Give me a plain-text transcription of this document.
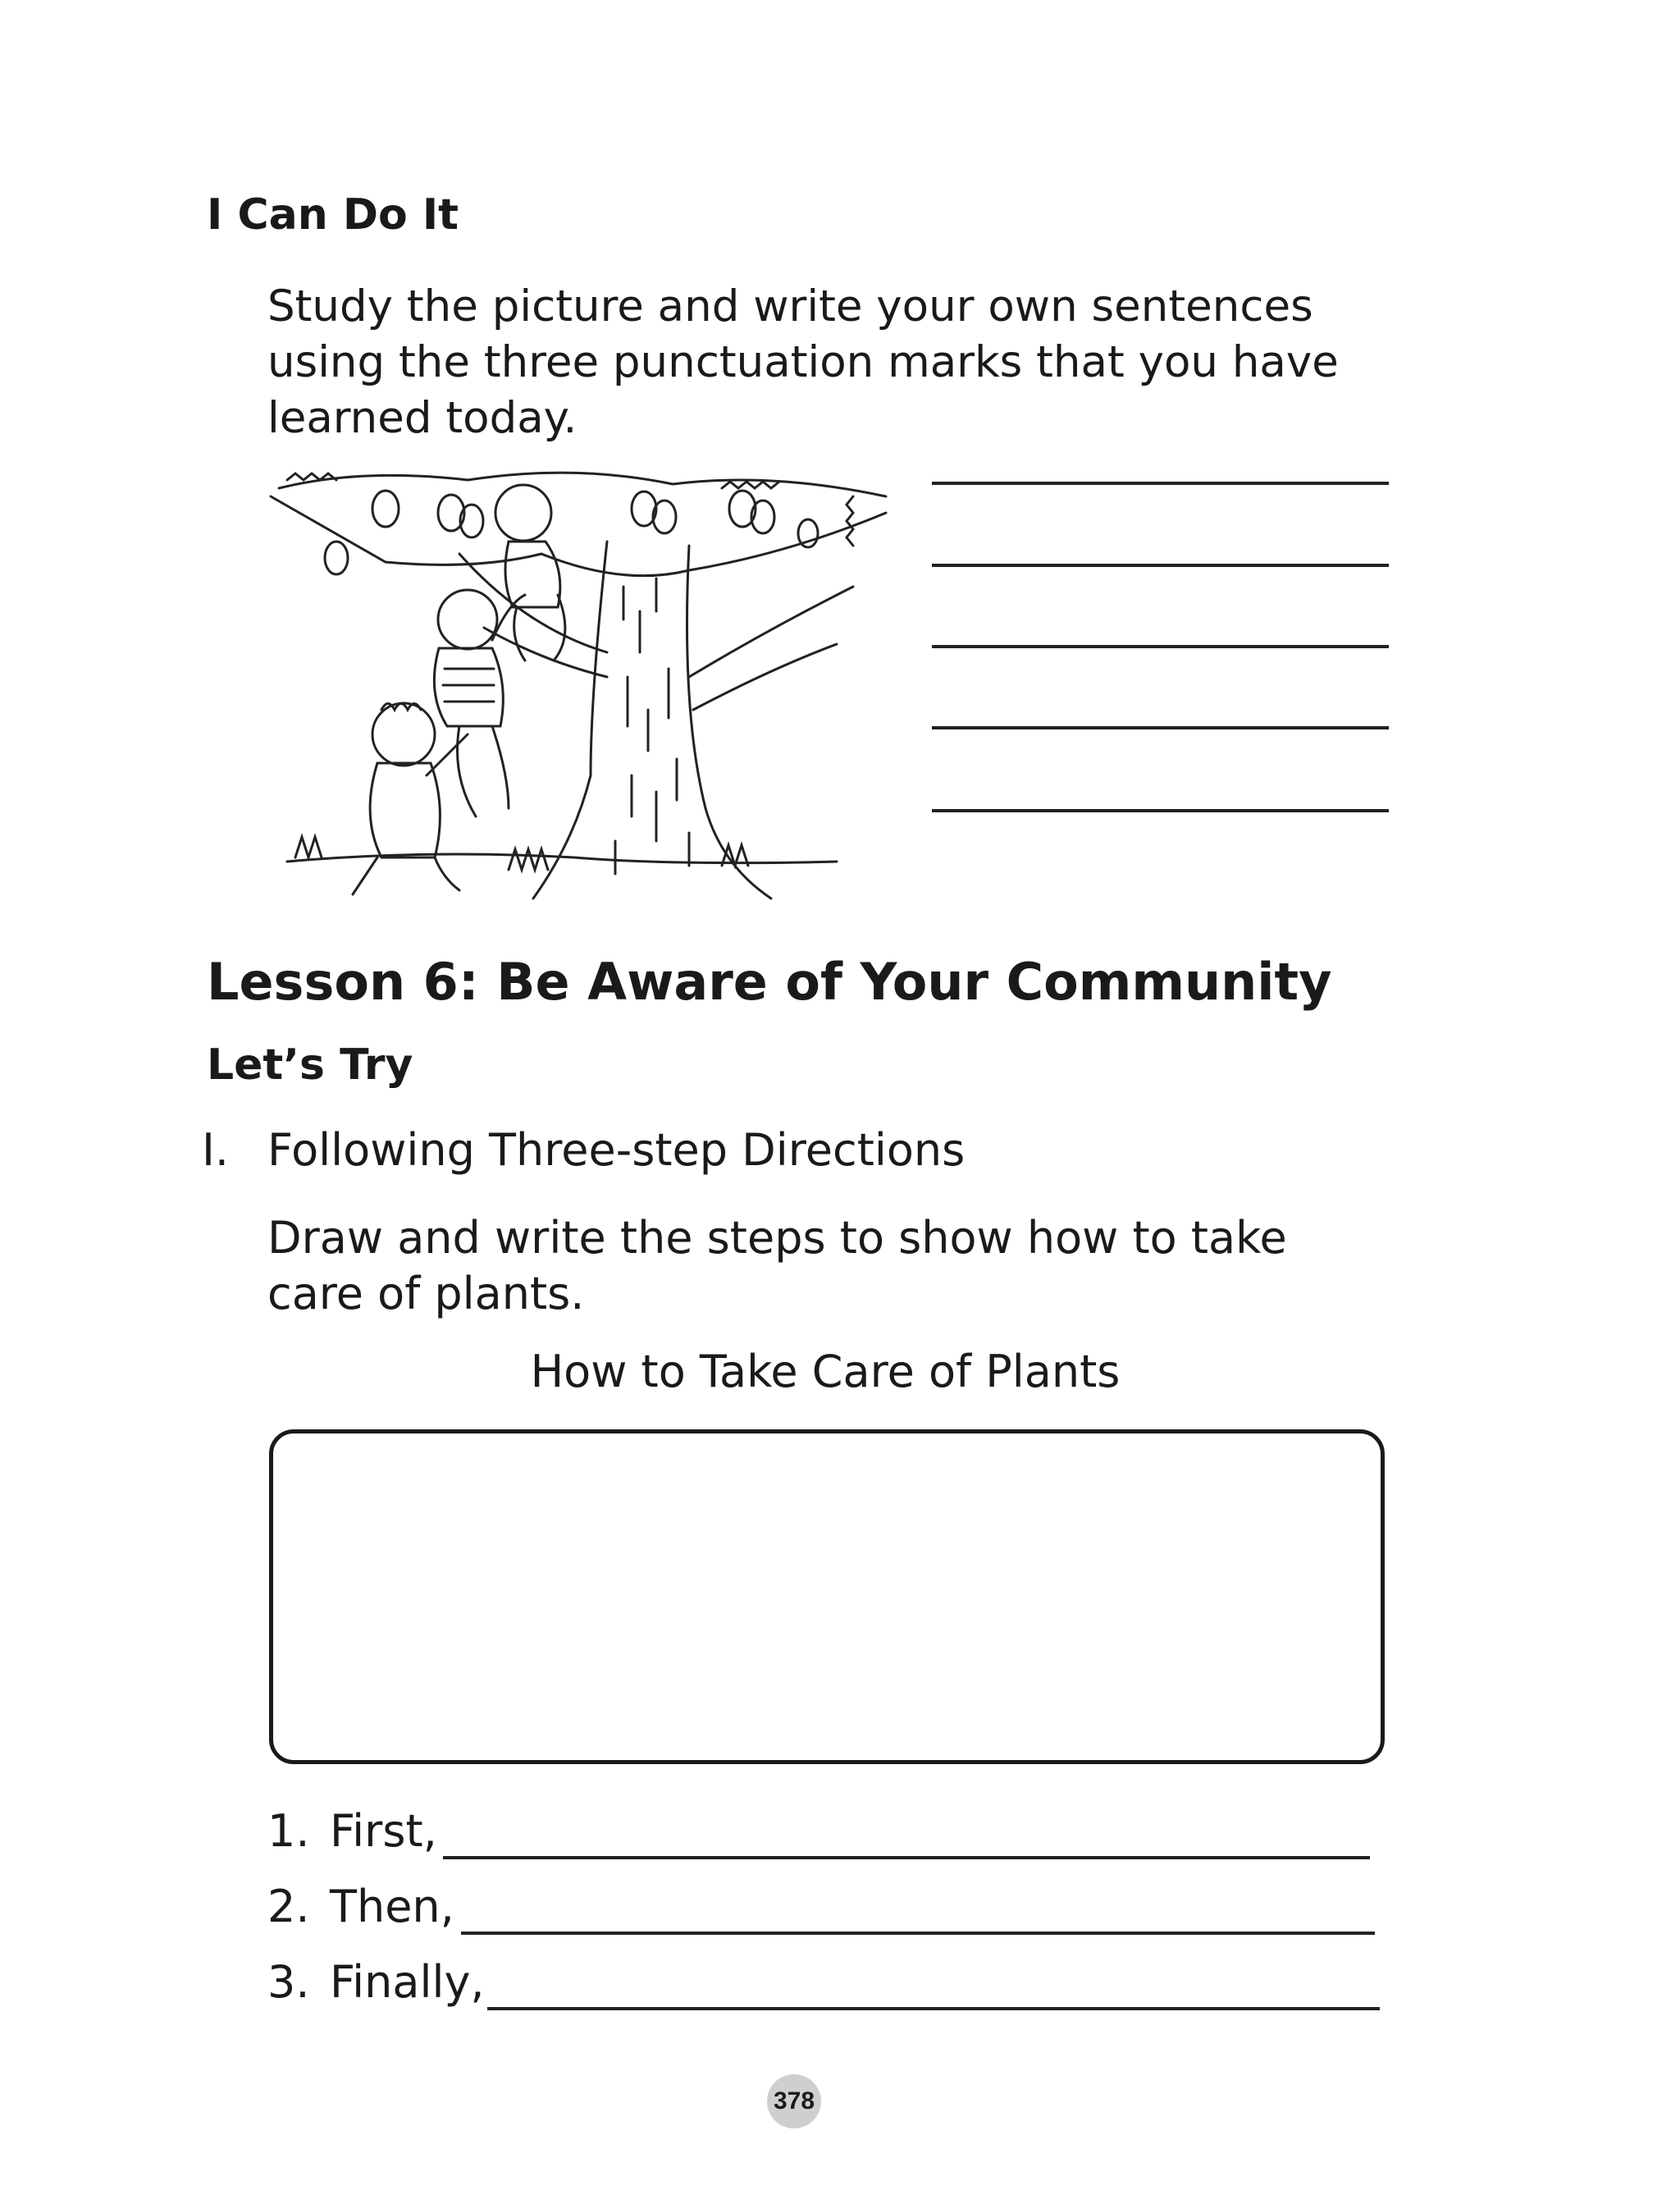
I Can Do It
Study the picture and write your own sentences
using the three punctuation marks that you have
learned today.
Lesson 6: Be Aware of Your Community
Let’s Try
I. Following Three-step Directions
Draw and write the steps to show how to take
care of plants.
How to Take Care of Plants
1. First,
2. Then,
3. Finally,
378
